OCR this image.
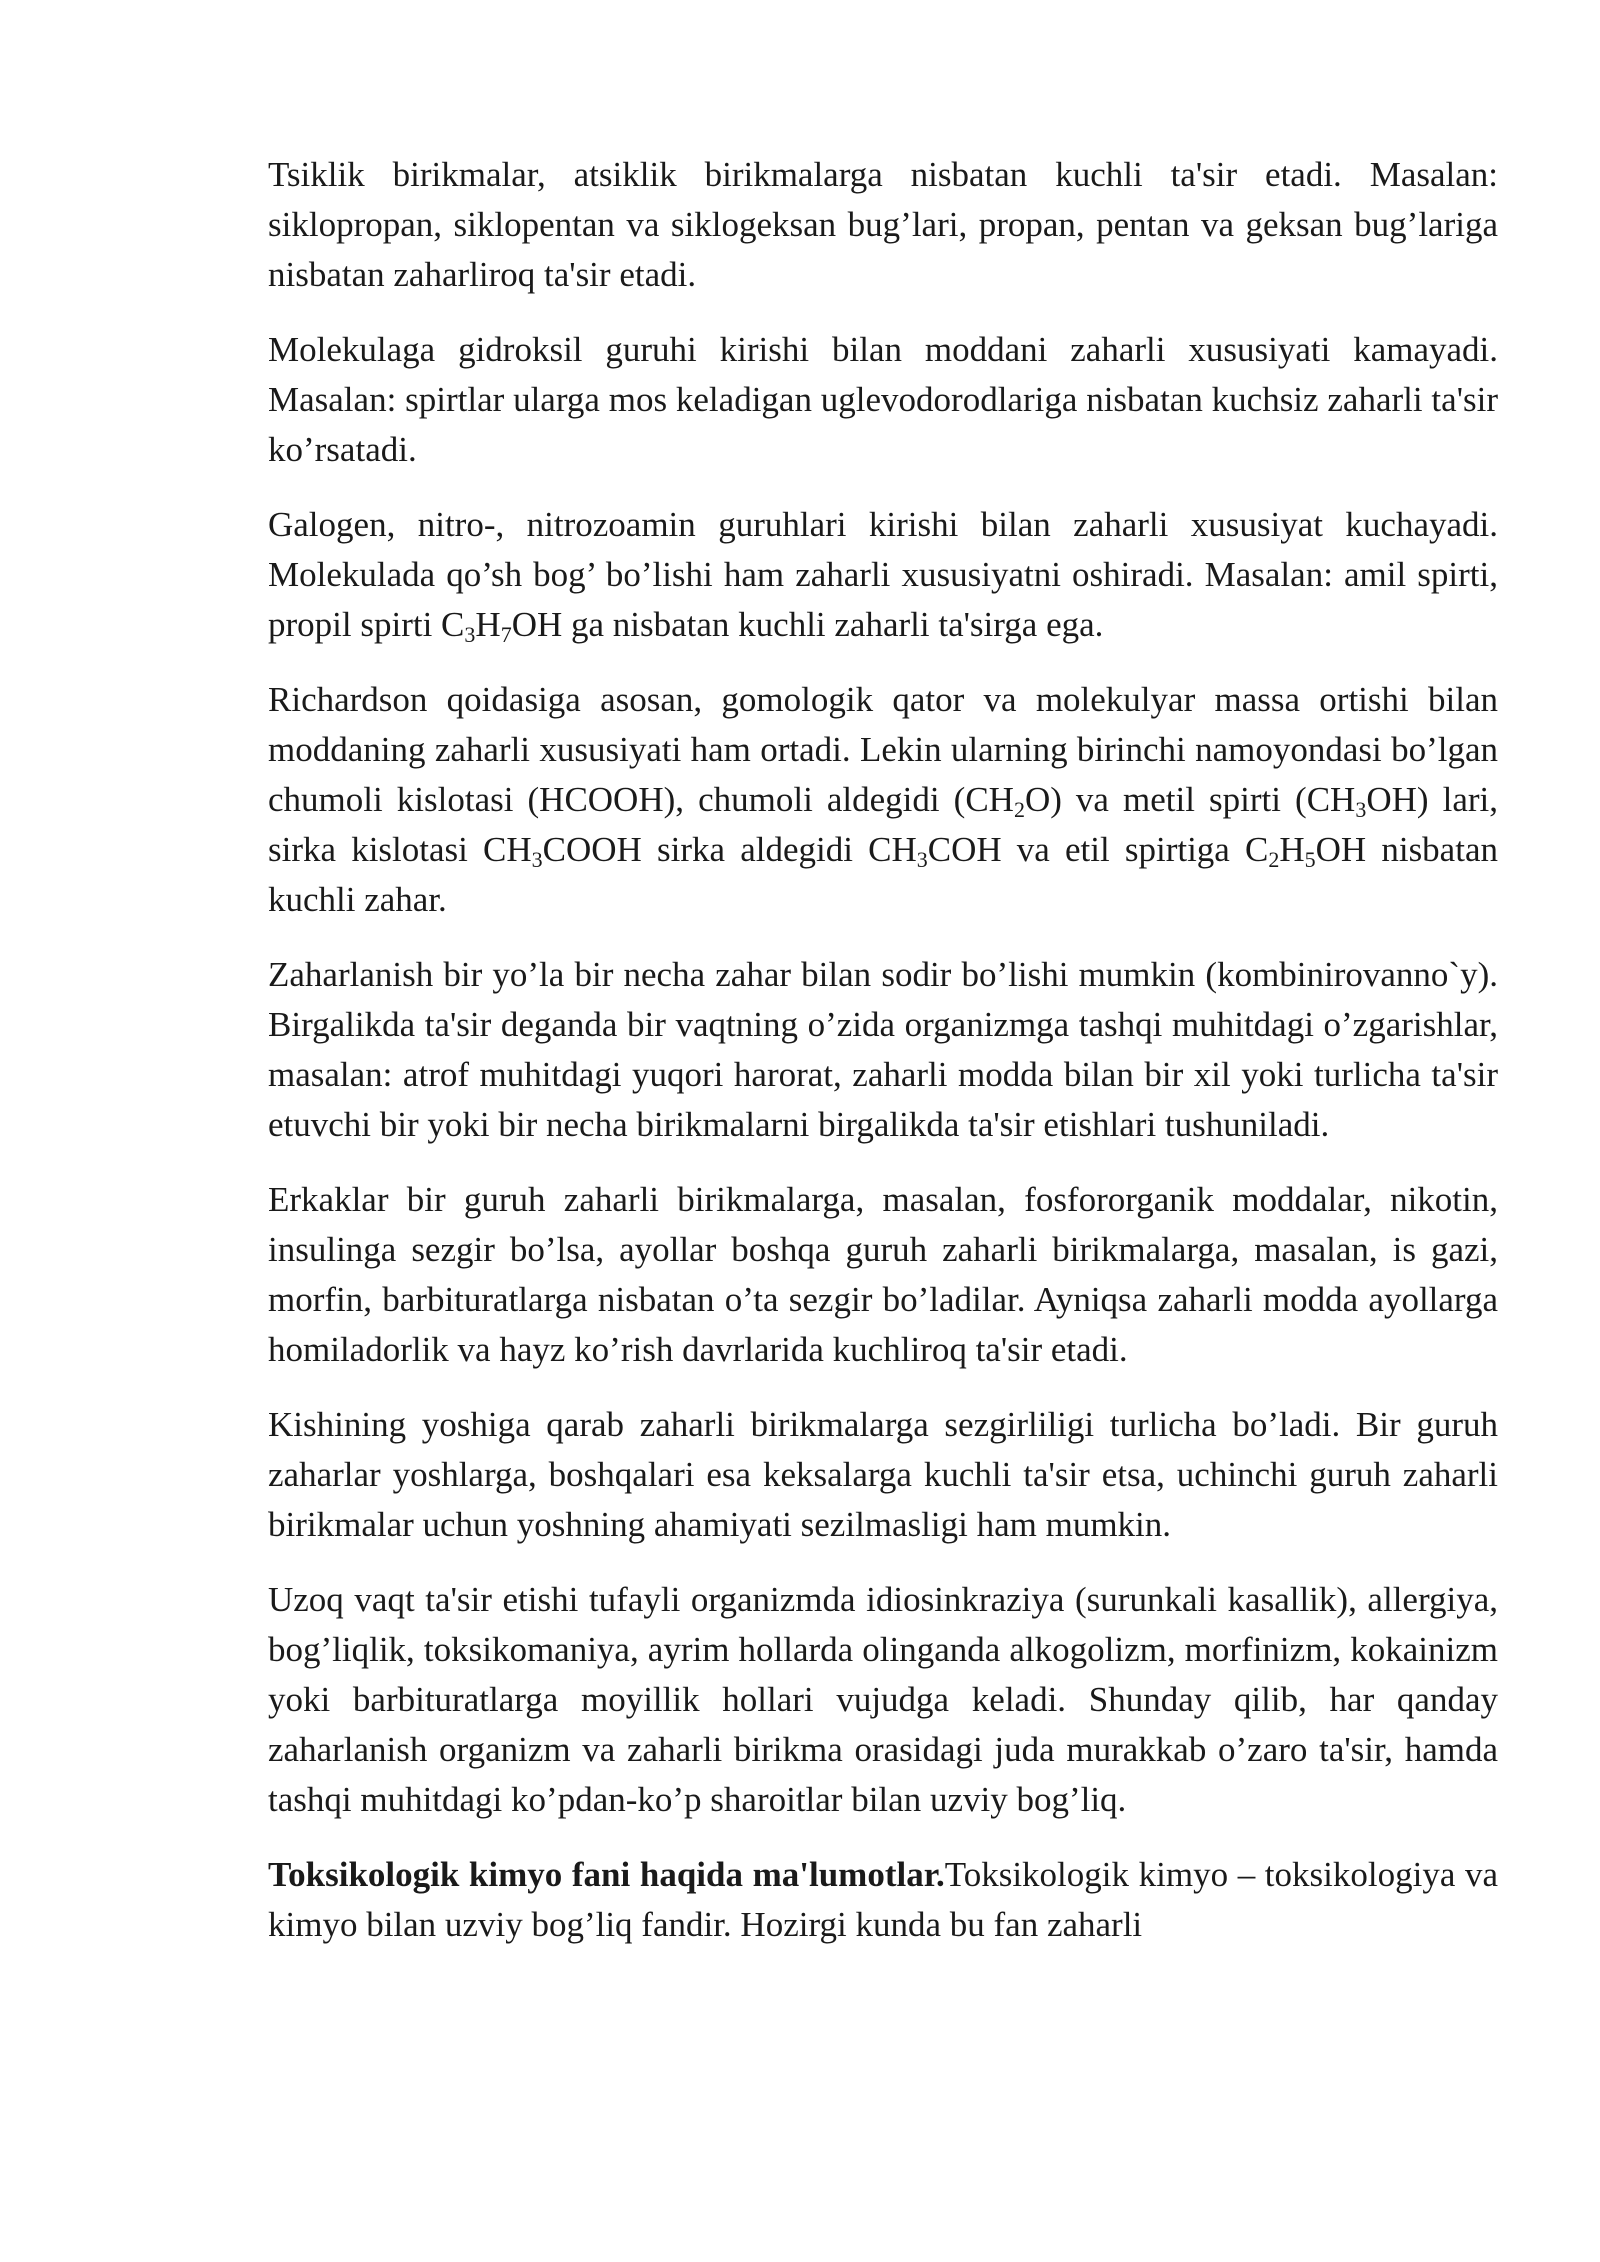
Tsiklik birikmalar, atsiklik birikmalarga nisbatan kuchli ta'sir etadi. Masalan: siklopropan, siklopentan va siklogeksan bug’lari, propan, pentan va geksan bug’lariga nisbatan zaharliroq ta'sir etadi.

Molekulaga gidroksil guruhi kirishi bilan moddani zaharli xususiyati kamayadi. Masalan: spirtlar ularga mos keladigan uglevodorodlariga nisbatan kuchsiz zaharli ta'sir ko’rsatadi.

Galogen, nitro-, nitrozoamin guruhlari kirishi bilan zaharli xususiyat kuchayadi. Molekulada qo’sh bog’ bo’lishi ham zaharli xususiyatni oshiradi. Masalan: amil spirti, propil spirti $C_3H_7OH$ ga nisbatan kuchli zaharli ta'sirga ega.

Richardson qoidasiga asosan, gomologik qator va molekulyar massa ortishi bilan moddaning zaharli xususiyati ham ortadi. Lekin ularning birinchi namoyondasi bo’lgan chumoli kislotasi (HCOOH), chumoli aldegidi $(CH_2O)$ va metil spirti $(CH_3OH)$ lari, sirka kislotasi $CH_3COOH$ sirka aldegidi $CH_3COH$ va etil spirtiga $C_2H_5OH$ nisbatan kuchli zahar.

Zaharlanish bir yo’la bir necha zahar bilan sodir bo’lishi mumkin (kombinirovanno`y). Birgalikda ta'sir deganda bir vaqtning o’zida organizmga tashqi muhitdagi o’zgarishlar, masalan: atrof muhitdagi yuqori harorat, zaharli modda bilan bir xil yoki turlicha ta'sir etuvchi bir yoki bir necha birikmalarni birgalikda ta'sir etishlari tushuniladi.

Erkaklar bir guruh zaharli birikmalarga, masalan, fosfororganik moddalar, nikotin, insulinga sezgir bo’lsa, ayollar boshqa guruh zaharli birikmalarga, masalan, is gazi, morfin, barbituratlarga nisbatan o’ta sezgir bo’ladilar. Ayniqsa zaharli modda ayollarga homiladorlik va hayz ko’rish davrlarida kuchliroq ta'sir etadi.

Kishining yoshiga qarab zaharli birikmalarga sezgirliligi turlicha bo’ladi. Bir guruh zaharlar yoshlarga, boshqalari esa keksalarga kuchli ta'sir etsa, uchinchi guruh zaharli birikmalar uchun yoshning ahamiyati sezilmasligi ham mumkin.

Uzoq vaqt ta'sir etishi tufayli organizmda idiosinkraziya (surunkali kasallik), allergiya, bog’liqlik, toksikomaniya, ayrim hollarda olinganda alkogolizm, morfinizm, kokainizm yoki barbituratlarga moyillik hollari vujudga keladi. Shunday qilib, har qanday zaharlanish organizm va zaharli birikma orasidagi juda murakkab o’zaro ta'sir, hamda tashqi muhitdagi ko’pdan-ko’p sharoitlar bilan uzviy bog’liq.

Toksikologik kimyo fani haqida ma'lumotlar.Toksikologik kimyo – toksikologiya va kimyo bilan uzviy bog’liq fandir. Hozirgi kunda bu fan zaharli
